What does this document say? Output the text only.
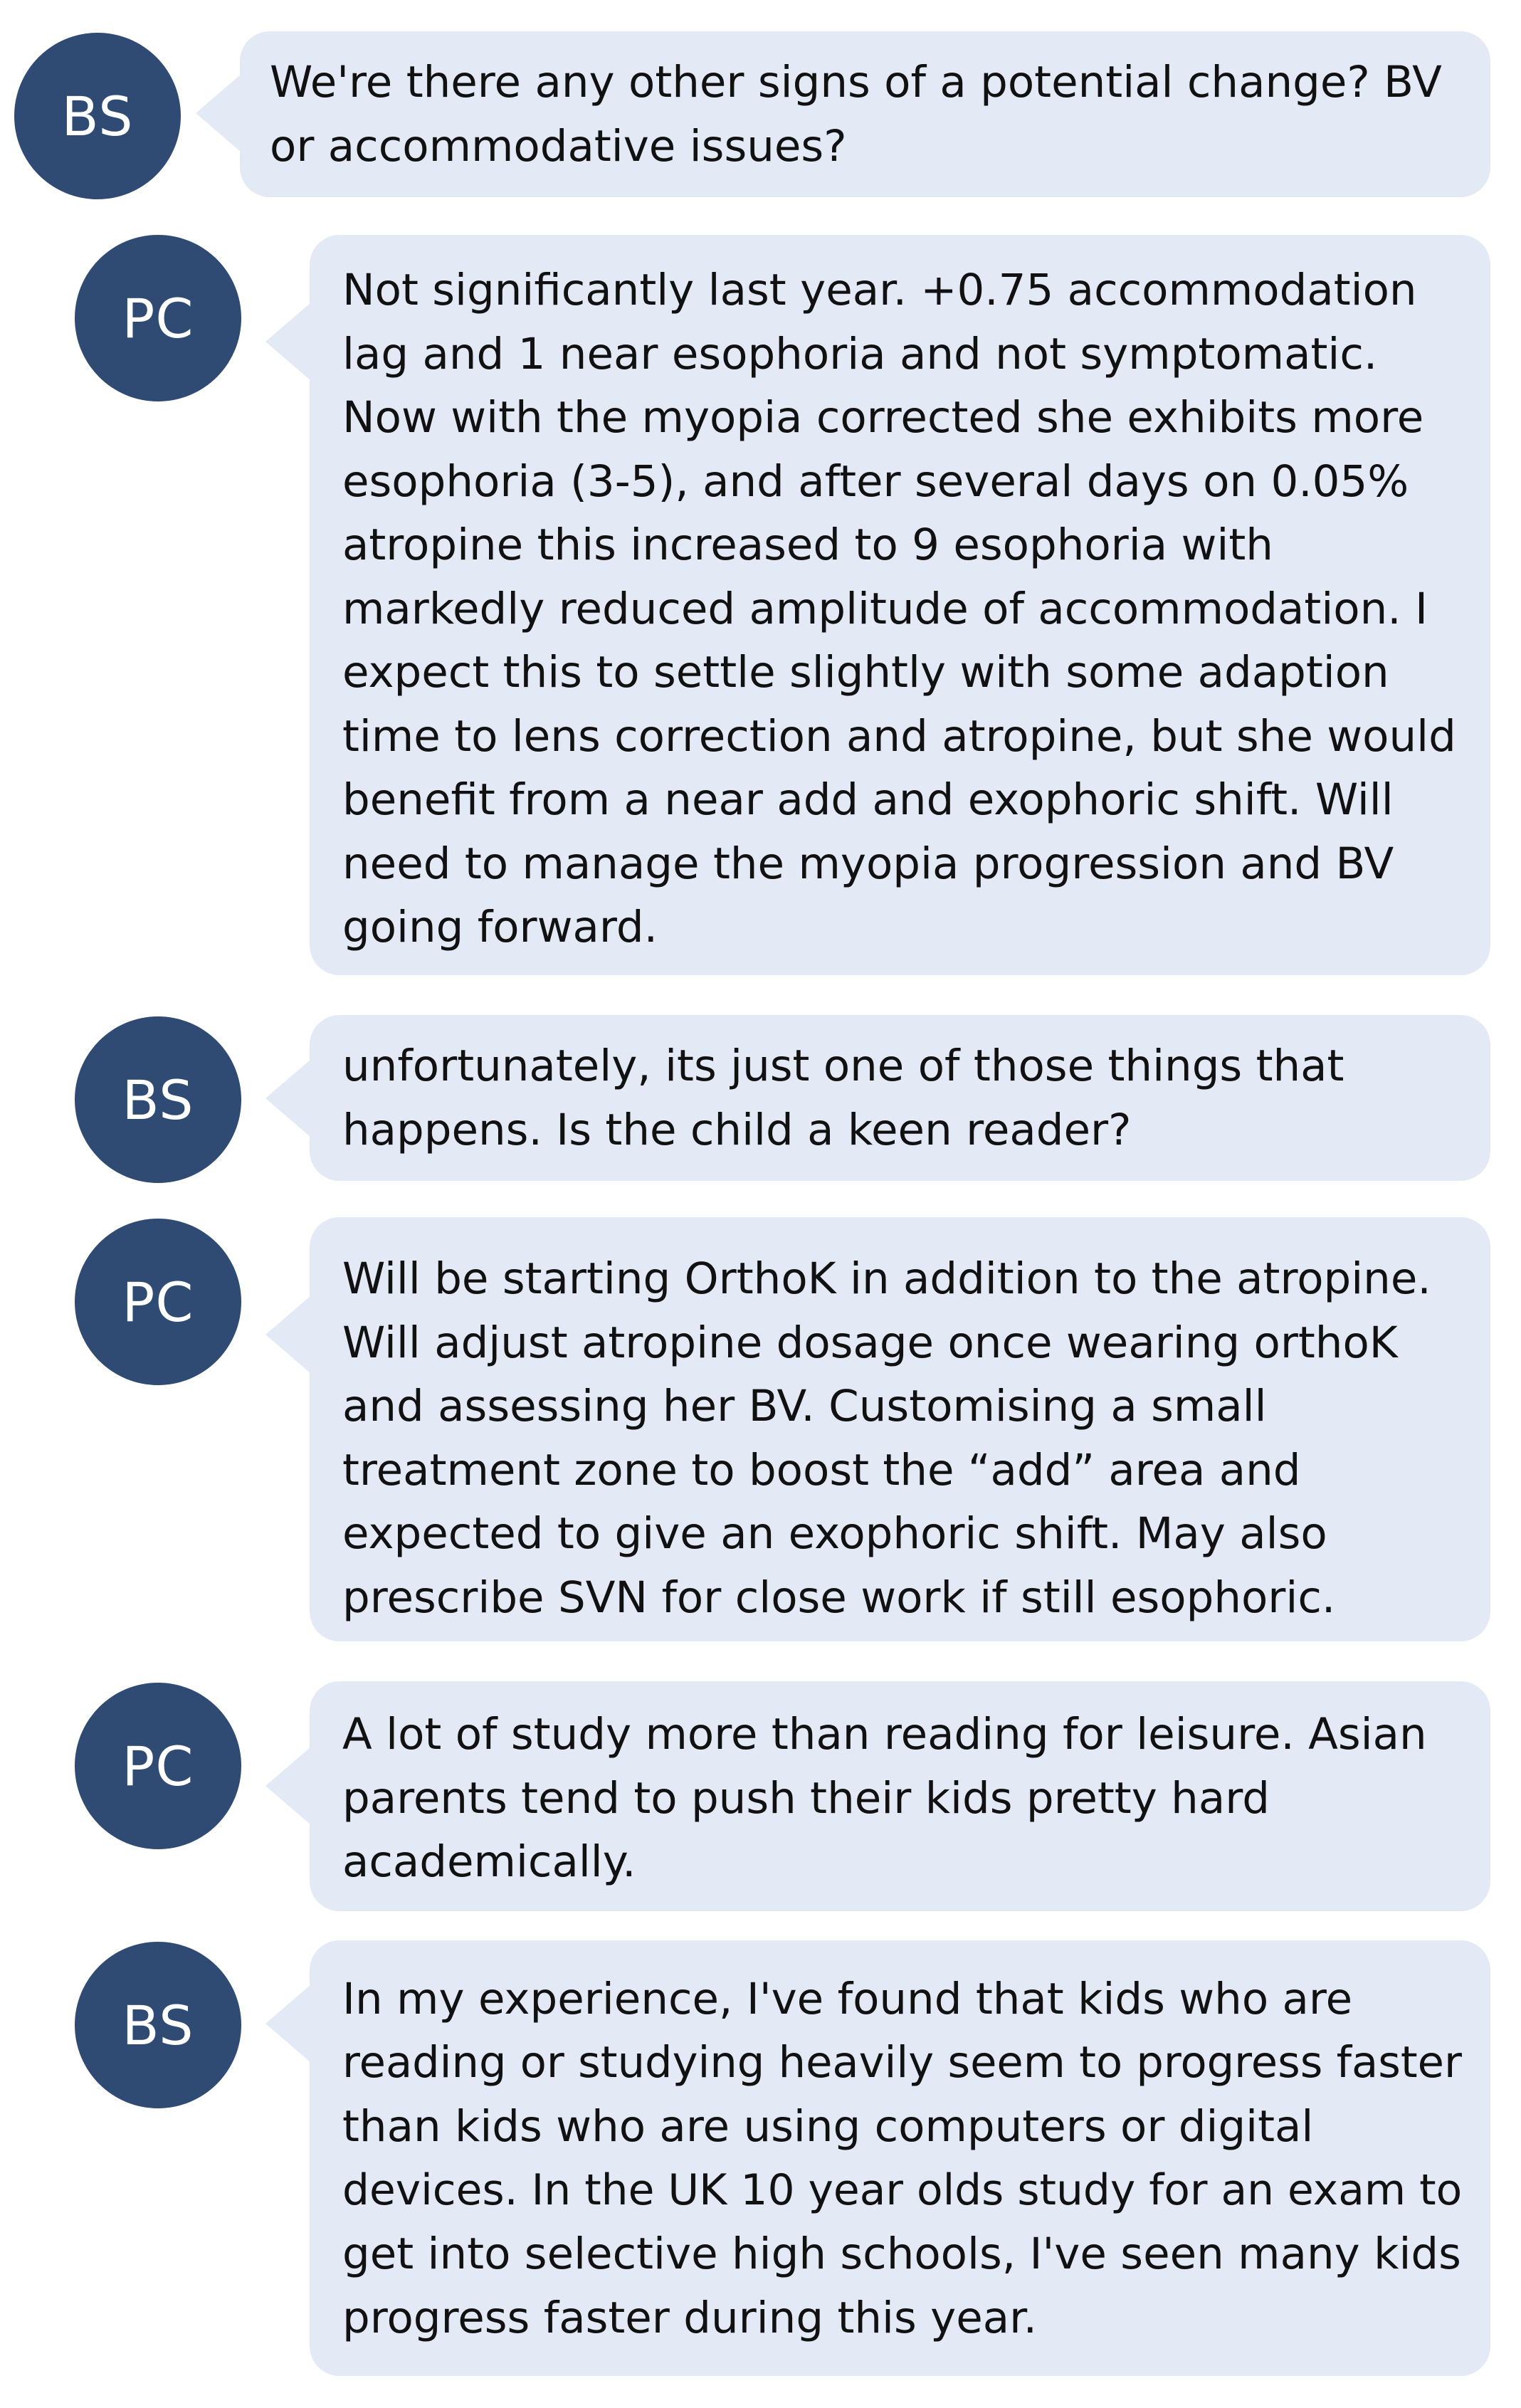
BS
We're there any other signs of a potential change? BV
or accommodative issues?
PC	Not significantly last year. +0.75 accommodation
lag and 1 near esophoria and not symptomatic.
Now with the myopia corrected she exhibits more
esophoria (3-5), and after several days on 0.05%
atropine this increased to 9 esophoria with
markedly reduced amplitude of accommodation. I
expect this to settle slightly with some adaption
time to lens correction and atropine, but she would
benefit from a near add and exophoric shift. Will
need to manage the myopia progression and BV
going forward.
BS
unfortunately, its just one of those things that
happens. Is the child a keen reader?
PC	Will be starting OrthoK in addition to the atropine.
Will adjust atropine dosage once wearing orthoK
and assessing her BV. Customising a small
treatment zone to boost the “add” area and
expected to give an exophoric shift. May also
prescribe SVN for close work if still esophoric.
PC	A lot of study more than reading for leisure. Asian
parents tend to push their kids pretty hard
academically.
BS	In my experience, I've found that kids who are
reading or studying heavily seem to progress faster
than kids who are using computers or digital
devices. In the UK 10 year olds study for an exam to
get into selective high schools, I've seen many kids
progress faster during this year.
